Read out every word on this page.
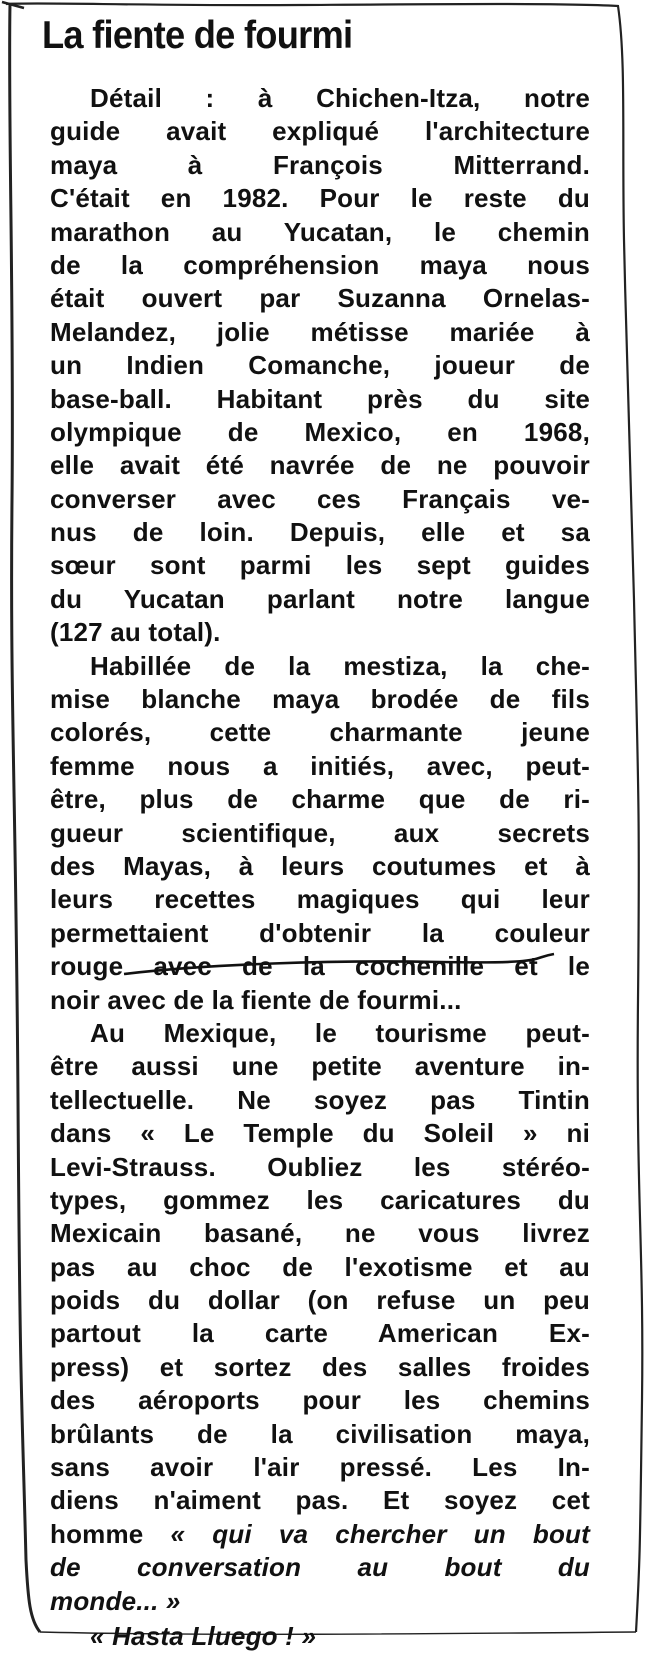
La fiente de fourmi
Détail : à Chichen-Itza, notre
guide avait expliqué l'architecture
maya à François Mitterrand.
C'était en 1982. Pour le reste du
marathon au Yucatan, le chemin
de la compréhension maya nous
était ouvert par Suzanna Ornelas-
Melandez, jolie métisse mariée à
un Indien Comanche, joueur de
base-ball. Habitant près du site
olympique de Mexico, en 1968,
elle avait été navrée de ne pouvoir
converser avec ces Français ve-
nus de loin. Depuis, elle et sa
sœur sont parmi les sept guides
du Yucatan parlant notre langue
(127 au total).
Habillée de la mestiza, la che-
mise blanche maya brodée de fils
colorés, cette charmante jeune
femme nous a initiés, avec, peut-
être, plus de charme que de ri-
gueur scientifique, aux secrets
des Mayas, à leurs coutumes et à
leurs recettes magiques qui leur
permettaient d'obtenir la couleur
rouge avec de la cochenille et le
noir avec de la fiente de fourmi...
Au Mexique, le tourisme peut-
être aussi une petite aventure in-
tellectuelle. Ne soyez pas Tintin
dans « Le Temple du Soleil » ni
Levi-Strauss. Oubliez les stéréo-
types, gommez les caricatures du
Mexicain basané, ne vous livrez
pas au choc de l'exotisme et au
poids du dollar (on refuse un peu
partout la carte American Ex-
press) et sortez des salles froides
des aéroports pour les chemins
brûlants de la civilisation maya,
sans avoir l'air pressé. Les In-
diens n'aiment pas. Et soyez cet
homme « qui va chercher un bout
de conversation au bout du
monde... »
« Hasta Lluego ! »
